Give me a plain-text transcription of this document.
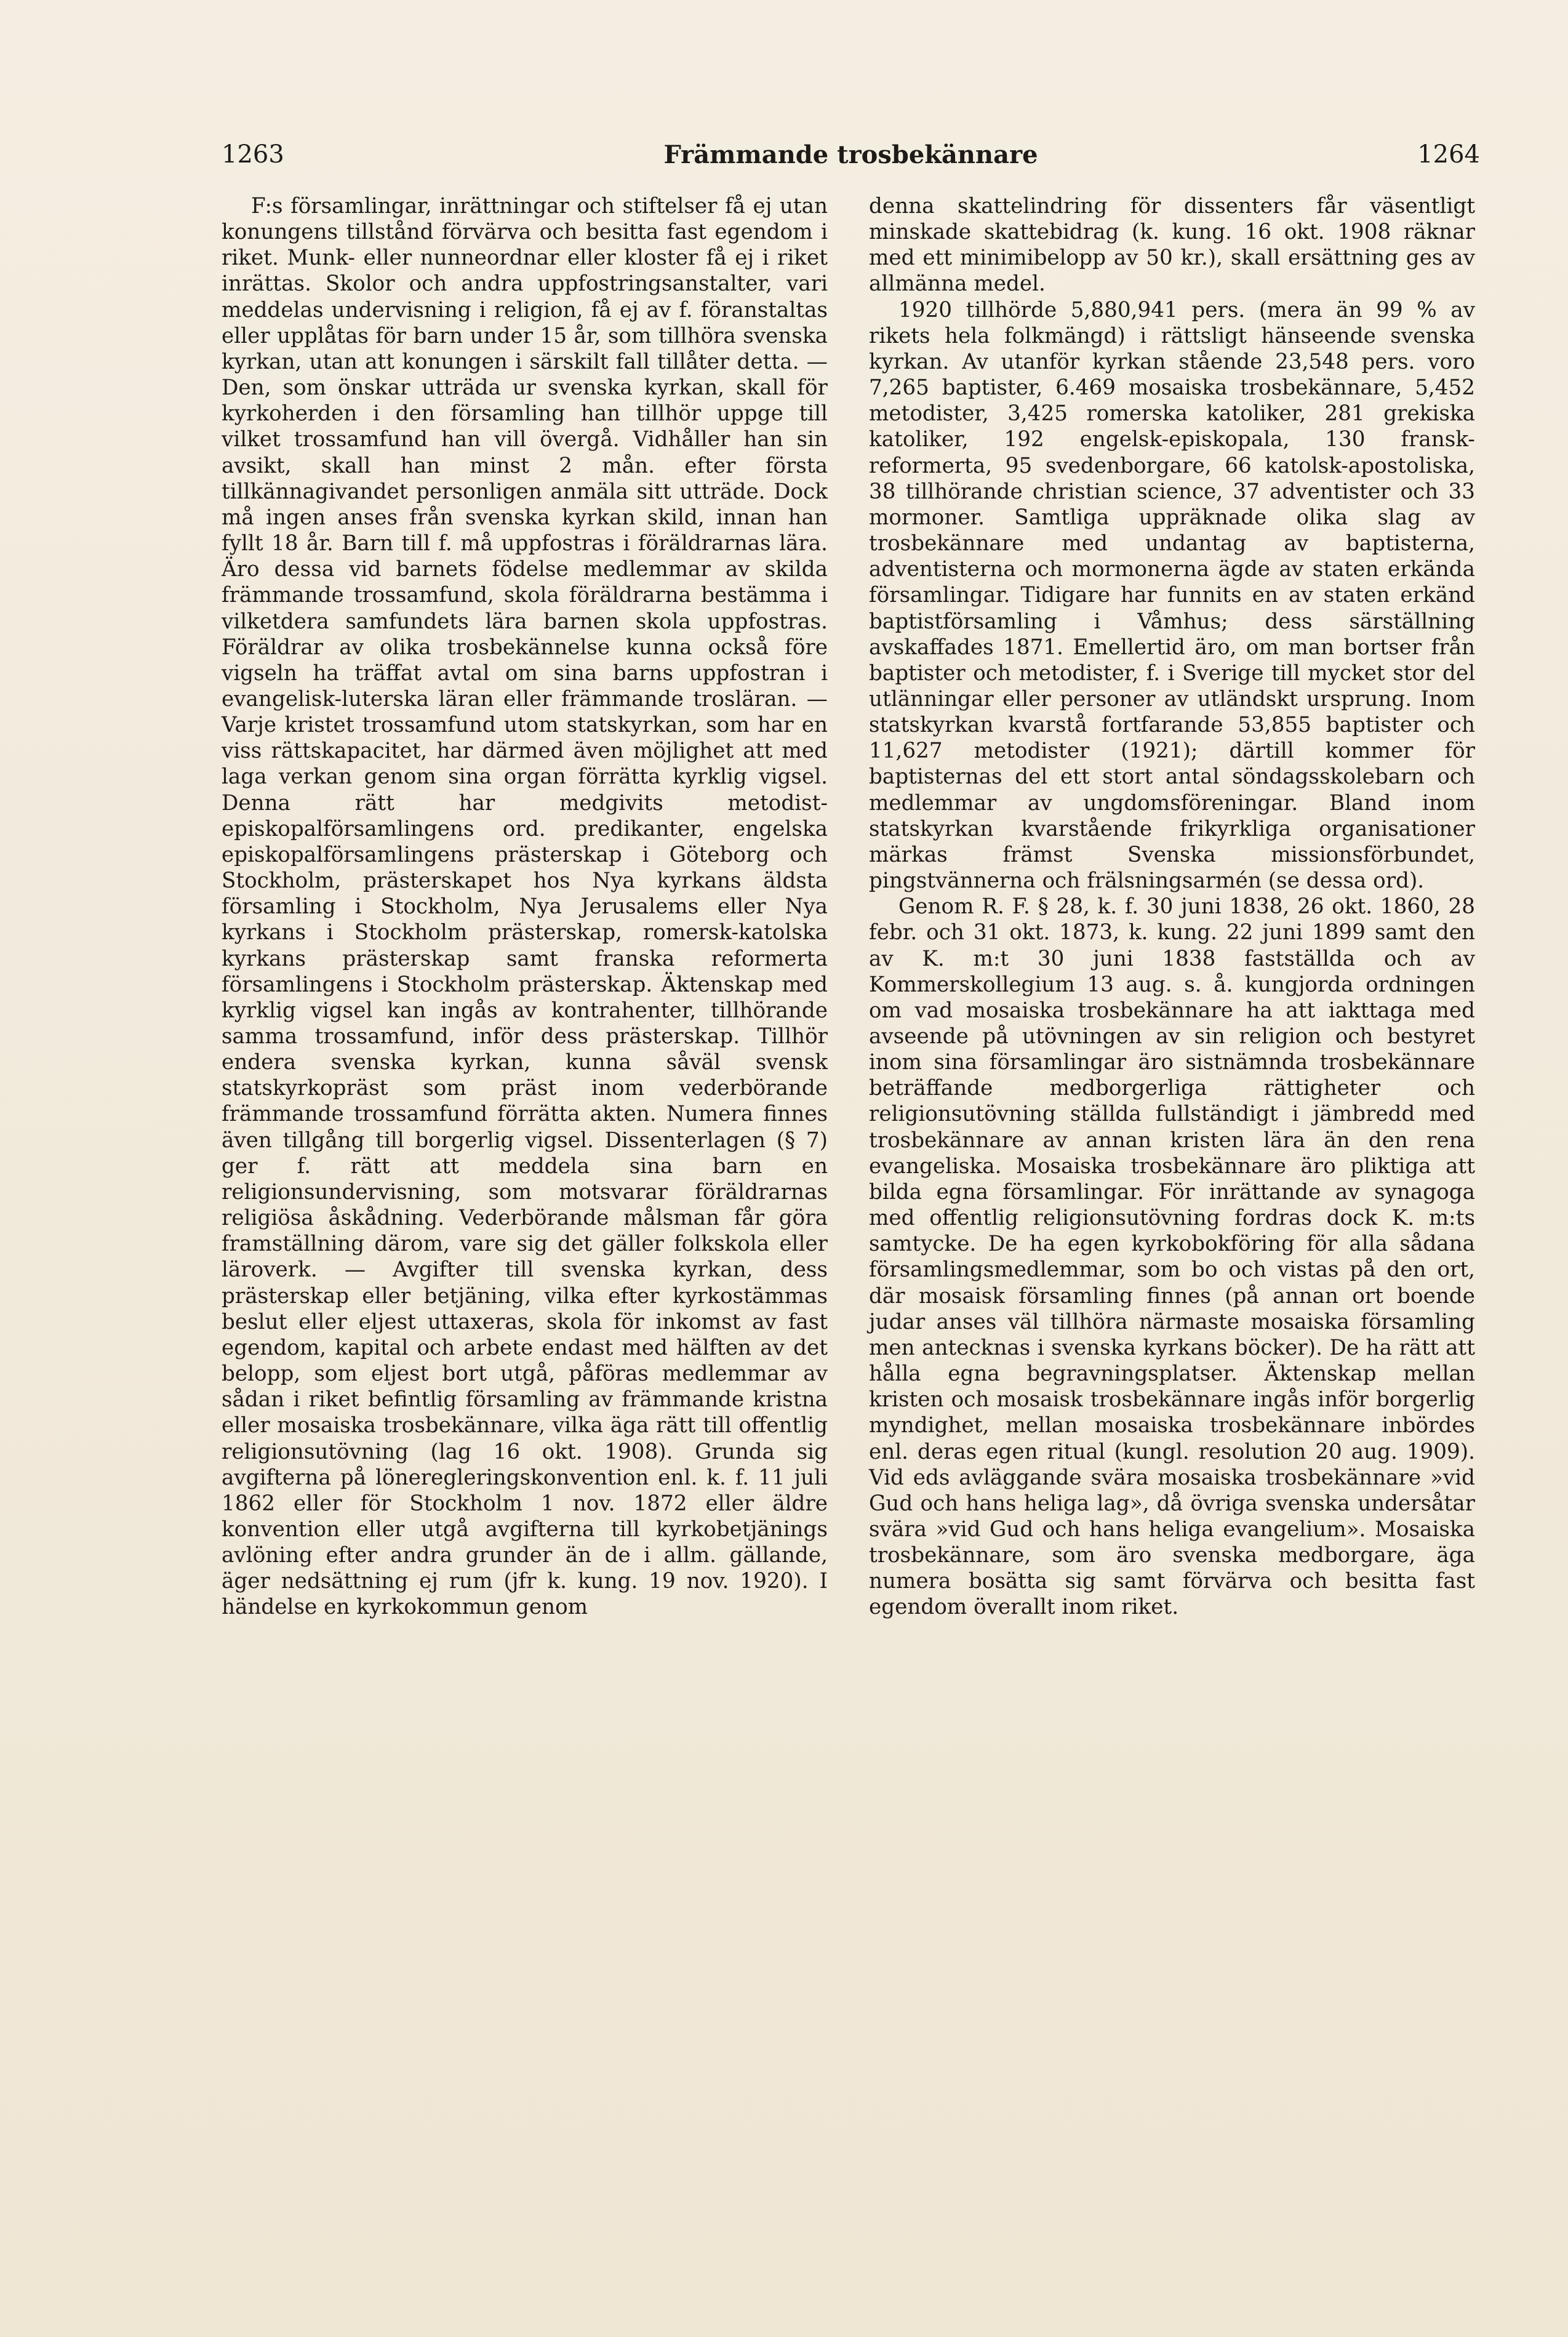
1263	Främmande trosbekännare	1264

F:s församlingar, inrättningar och stiftelser få ej utan konungens tillstånd förvärva och besitta fast egendom i riket. Munk- eller nunneordnar eller kloster få ej i riket inrättas. Skolor och andra uppfostringsanstalter, vari meddelas undervisning i religion, få ej av f. föranstaltas eller upplåtas för barn under 15 år, som tillhöra svenska kyrkan, utan att konungen i särskilt fall tillåter detta. — Den, som önskar utträda ur svenska kyrkan, skall för kyrkoherden i den församling han tillhör uppge till vilket trossamfund han vill övergå. Vidhåller han sin avsikt, skall han minst 2 mån. efter första tillkännagivandet personligen anmäla sitt utträde. Dock må ingen anses från svenska kyrkan skild, innan han fyllt 18 år. Barn till f. må uppfostras i föräldrarnas lära. Äro dessa vid barnets födelse medlemmar av skilda främmande trossamfund, skola föräldrarna bestämma i vilketdera samfundets lära barnen skola uppfostras. Föräldrar av olika trosbekännelse kunna också före vigseln ha träffat avtal om sina barns uppfostran i evangelisk-luterska läran eller främmande trosläran. — Varje kristet trossamfund utom statskyrkan, som har en viss rättskapacitet, har därmed även möjlighet att med laga verkan genom sina organ förrätta kyrklig vigsel. Denna rätt har medgivits metodist-episkopalförsamlingens ord. predikanter, engelska episkopalförsamlingens prästerskap i Göteborg och Stockholm, prästerskapet hos Nya kyrkans äldsta församling i Stockholm, Nya Jerusalems eller Nya kyrkans i Stockholm prästerskap, romersk-katolska kyrkans prästerskap samt franska reformerta församlingens i Stockholm prästerskap. Äktenskap med kyrklig vigsel kan ingås av kontrahenter, tillhörande samma trossamfund, inför dess prästerskap. Tillhör endera svenska kyrkan, kunna såväl svensk statskyrkopräst som präst inom vederbörande främmande trossamfund förrätta akten. Numera finnes även tillgång till borgerlig vigsel. Dissenterlagen (§ 7) ger f. rätt att meddela sina barn en religionsundervisning, som motsvarar föräldrarnas religiösa åskådning. Vederbörande målsman får göra framställning därom, vare sig det gäller folkskola eller läroverk. — Avgifter till svenska kyrkan, dess prästerskap eller betjäning, vilka efter kyrkostämmas beslut eller eljest uttaxeras, skola för inkomst av fast egendom, kapital och arbete endast med hälften av det belopp, som eljest bort utgå, påföras medlemmar av sådan i riket befintlig församling av främmande kristna eller mosaiska trosbekännare, vilka äga rätt till offentlig religionsutövning (lag 16 okt. 1908). Grunda sig avgifterna på löneregleringskonvention enl. k. f. 11 juli 1862 eller för Stockholm 1 nov. 1872 eller äldre konvention eller utgå avgifterna till kyrkobetjänings avlöning efter andra grunder än de i allm. gällande, äger nedsättning ej rum (jfr k. kung. 19 nov. 1920). I händelse en kyrkokommun genom

denna skattelindring för dissenters får väsentligt minskade skattebidrag (k. kung. 16 okt. 1908 räknar med ett minimibelopp av 50 kr.), skall ersättning ges av allmänna medel.

1920 tillhörde 5,880,941 pers. (mera än 99 % av rikets hela folkmängd) i rättsligt hänseende svenska kyrkan. Av utanför kyrkan stående 23,548 pers. voro 7,265 baptister, 6.469 mosaiska trosbekännare, 5,452 metodister, 3,425 romerska katoliker, 281 grekiska katoliker, 192 engelsk-episkopala, 130 fransk-reformerta, 95 svedenborgare, 66 katolsk-apostoliska, 38 tillhörande christian science, 37 adventister och 33 mormoner. Samtliga uppräknade olika slag av trosbekännare med undantag av baptisterna, adventisterna och mormonerna ägde av staten erkända församlingar. Tidigare har funnits en av staten erkänd baptistförsamling i Våmhus; dess särställning avskaffades 1871. Emellertid äro, om man bortser från baptister och metodister, f. i Sverige till mycket stor del utlänningar eller personer av utländskt ursprung. Inom statskyrkan kvarstå fortfarande 53,855 baptister och 11,627 metodister (1921); därtill kommer för baptisternas del ett stort antal söndagsskolebarn och medlemmar av ungdomsföreningar. Bland inom statskyrkan kvarstående frikyrkliga organisationer märkas främst Svenska missionsförbundet, pingstvännerna och frälsningsarmén (se dessa ord).

Genom R. F. § 28, k. f. 30 juni 1838, 26 okt. 1860, 28 febr. och 31 okt. 1873, k. kung. 22 juni 1899 samt den av K. m:t 30 juni 1838 fastställda och av Kommerskollegium 13 aug. s. å. kungjorda ordningen om vad mosaiska trosbekännare ha att iakttaga med avseende på utövningen av sin religion och bestyret inom sina församlingar äro sistnämnda trosbekännare beträffande medborgerliga rättigheter och religionsutövning ställda fullständigt i jämbredd med trosbekännare av annan kristen lära än den rena evangeliska. Mosaiska trosbekännare äro pliktiga att bilda egna församlingar. För inrättande av synagoga med offentlig religionsutövning fordras dock K. m:ts samtycke. De ha egen kyrkobokföring för alla sådana församlingsmedlemmar, som bo och vistas på den ort, där mosaisk församling finnes (på annan ort boende judar anses väl tillhöra närmaste mosaiska församling men antecknas i svenska kyrkans böcker). De ha rätt att hålla egna begravningsplatser. Äktenskap mellan kristen och mosaisk trosbekännare ingås inför borgerlig myndighet, mellan mosaiska trosbekännare inbördes enl. deras egen ritual (kungl. resolution 20 aug. 1909). Vid eds avläggande svära mosaiska trosbekännare »vid Gud och hans heliga lag», då övriga svenska undersåtar svära »vid Gud och hans heliga evangelium». Mosaiska trosbekännare, som äro svenska medborgare, äga numera bosätta sig samt förvärva och besitta fast egendom överallt inom riket.
